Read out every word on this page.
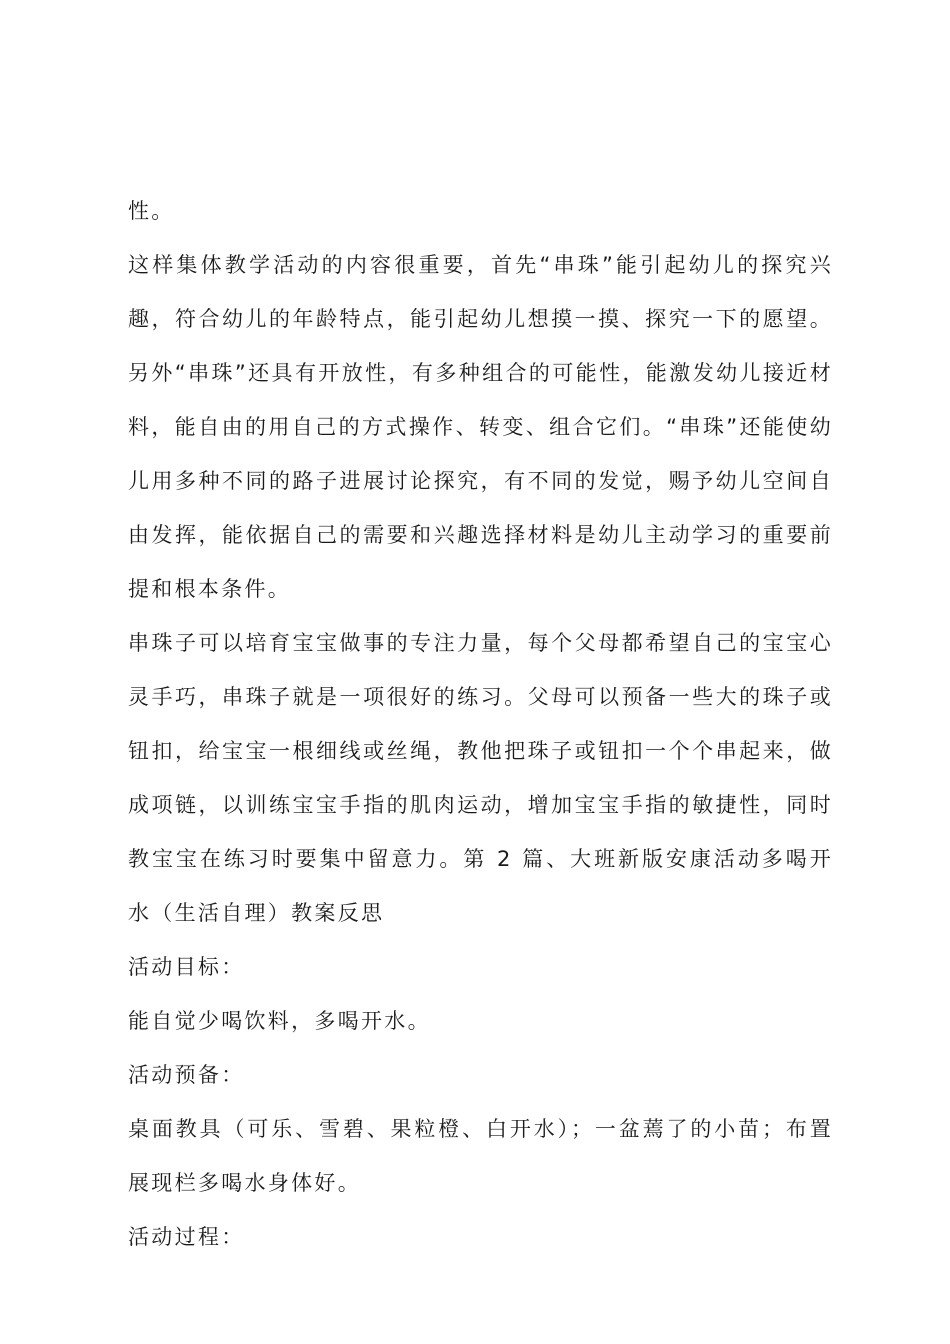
性。

这样集体教学活动的内容很重要，首先“串珠”能引起幼儿的探究兴趣，符合幼儿的年龄特点，能引起幼儿想摸一摸、探究一下的愿望。另外“串珠”还具有开放性，有多种组合的可能性，能激发幼儿接近材料，能自由的用自己的方式操作、转变、组合它们。“串珠”还能使幼儿用多种不同的路子进展讨论探究，有不同的发觉，赐予幼儿空间自由发挥，能依据自己的需要和兴趣选择材料是幼儿主动学习的重要前提和根本条件。

串珠子可以培育宝宝做事的专注力量，每个父母都希望自己的宝宝心灵手巧，串珠子就是一项很好的练习。父母可以预备一些大的珠子或钮扣，给宝宝一根细线或丝绳，教他把珠子或钮扣一个个串起来，做成项链，以训练宝宝手指的肌肉运动，增加宝宝手指的敏捷性，同时教宝宝在练习时要集中留意力。第 2 篇、大班新版安康活动多喝开水（生活自理）教案反思

活动目标：

能自觉少喝饮料，多喝开水。

活动预备：

桌面教具（可乐、雪碧、果粒橙、白开水）；一盆蔫了的小苗；布置展现栏多喝水身体好。

活动过程：
